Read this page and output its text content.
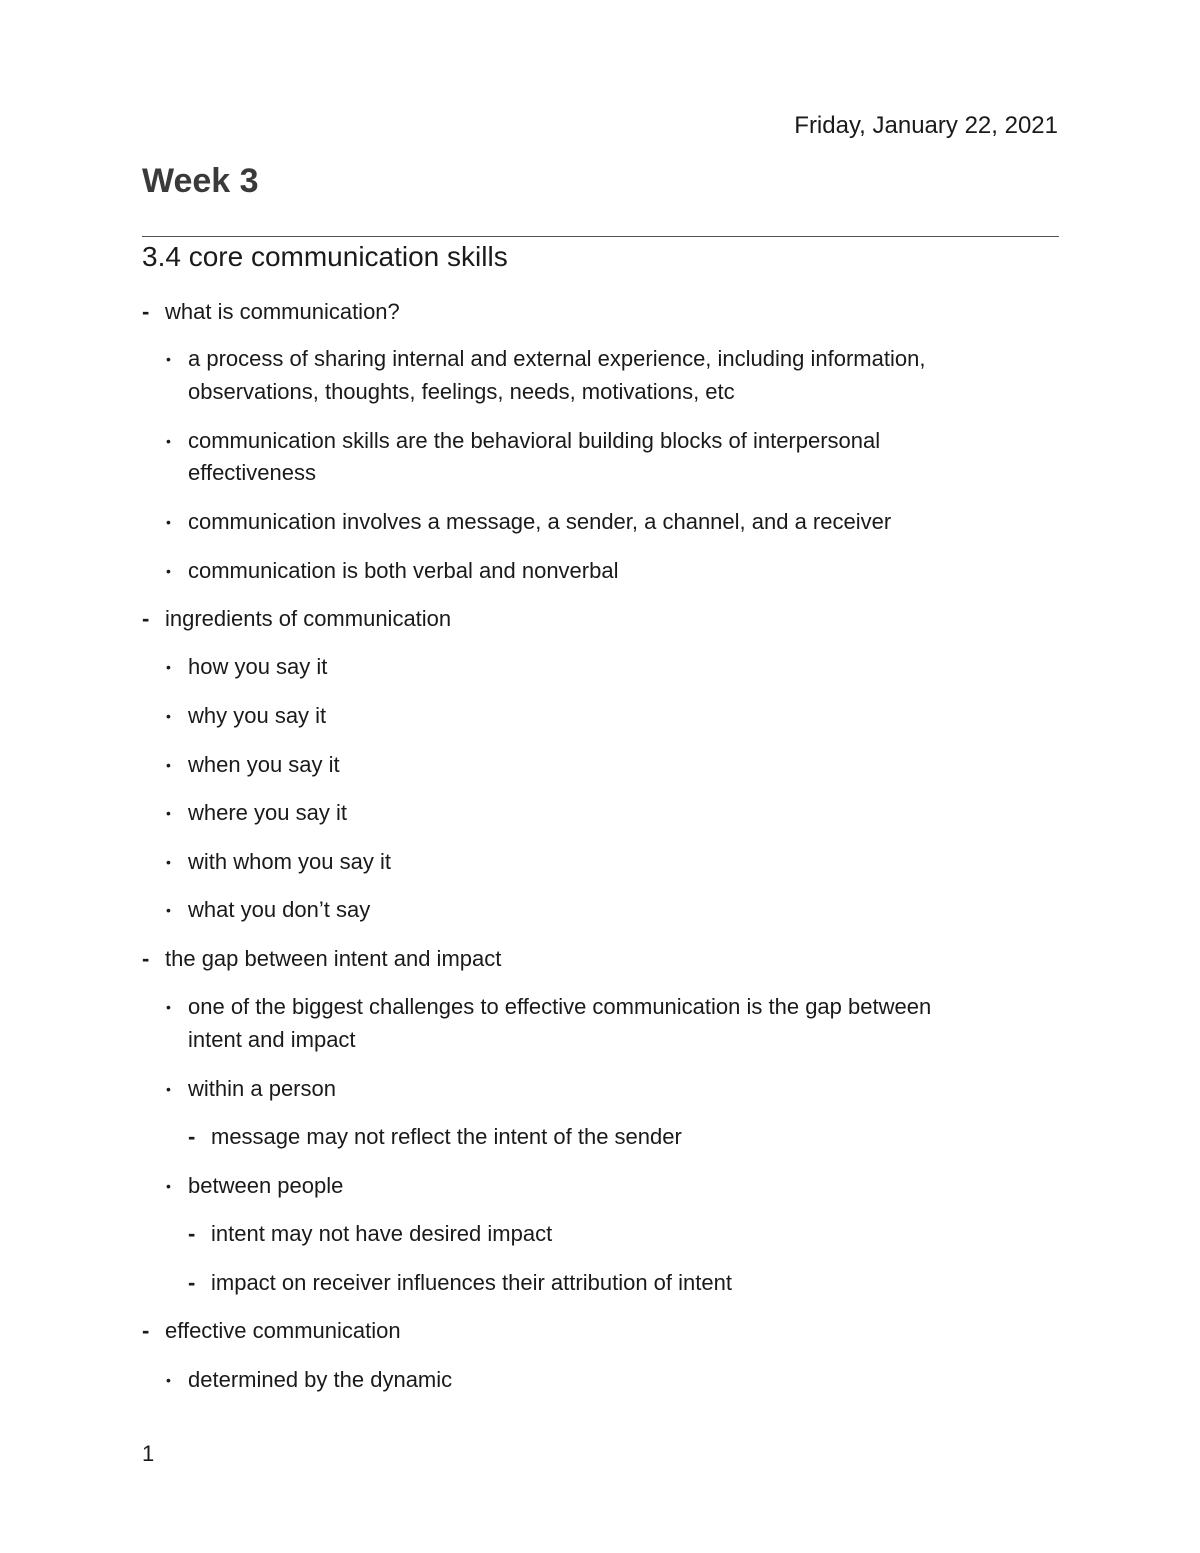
Friday, January 22, 2021
Week 3
3.4 core communication skills
- what is communication?
• a process of sharing internal and external experience, including information,
observations, thoughts, feelings, needs, motivations, etc
• communication skills are the behavioral building blocks of interpersonal
effectiveness
• communication involves a message, a sender, a channel, and a receiver
• communication is both verbal and nonverbal
- ingredients of communication
• how you say it
• why you say it
• when you say it
• where you say it
• with whom you say it
• what you don’t say
- the gap between intent and impact
• one of the biggest challenges to effective communication is the gap between
intent and impact
• within a person
- message may not reflect the intent of the sender
• between people
- intent may not have desired impact
- impact on receiver influences their attribution of intent
- effective communication
• determined by the dynamic
1
